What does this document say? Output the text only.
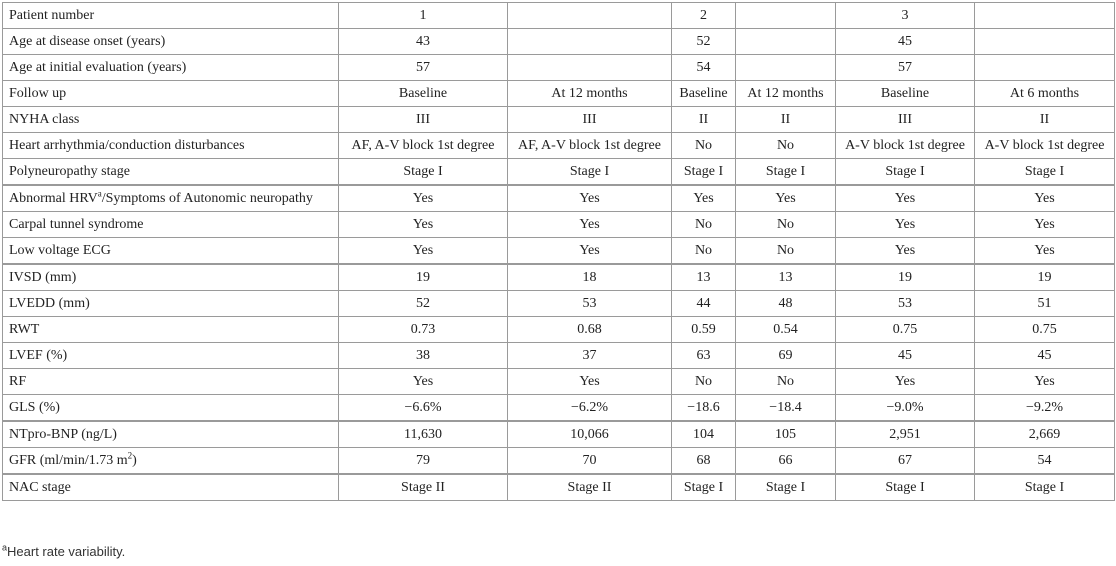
Patient number	1		2		3	
Age at disease onset (years)	43		52		45	
Age at initial evaluation (years)	57		54		57	
Follow up	Baseline	At 12 months	Baseline	At 12 months	Baseline	At 6 months
NYHA class	III	III	II	II	III	II
Heart arrhythmia/conduction disturbances	AF, A-V block 1st degree	AF, A-V block 1st degree	No	No	A-V block 1st degree	A-V block 1st degree
Polyneuropathy stage	Stage I	Stage I	Stage I	Stage I	Stage I	Stage I
Abnormal HRV$^a$/Symptoms of Autonomic neuropathy	Yes	Yes	Yes	Yes	Yes	Yes
Carpal tunnel syndrome	Yes	Yes	No	No	Yes	Yes
Low voltage ECG	Yes	Yes	No	No	Yes	Yes
IVSD (mm)	19	18	13	13	19	19
LVEDD (mm)	52	53	44	48	53	51
RWT	0.73	0.68	0.59	0.54	0.75	0.75
LVEF (%)	38	37	63	69	45	45
RF	Yes	Yes	No	No	Yes	Yes
GLS (%)	−6.6%	−6.2%	−18.6	−18.4	−9.0%	−9.2%
NTpro-BNP (ng/L)	11,630	10,066	104	105	2,951	2,669
GFR (ml/min/1.73 $m^2$)	79	70	68	66	67	54
NAC stage	Stage II	Stage II	Stage I	Stage I	Stage I	Stage I
$^a$Heart rate variability.
